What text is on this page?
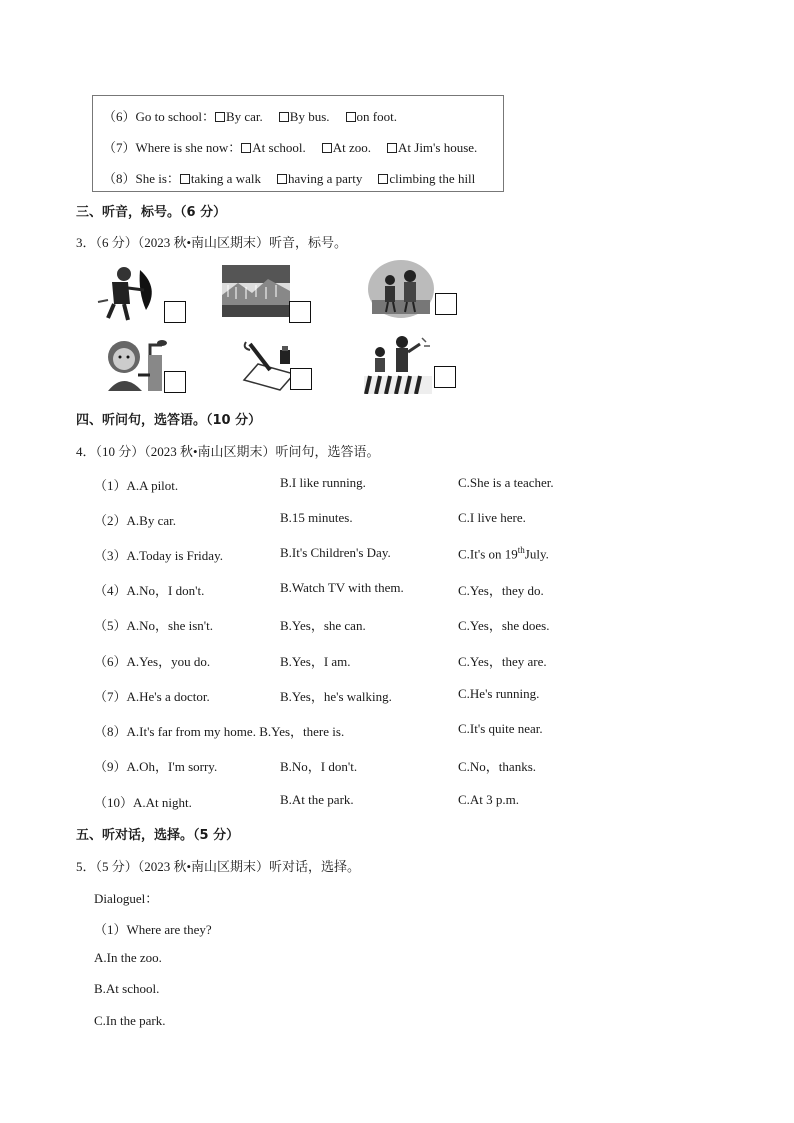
（6）Go to school： By car. By bus. on foot.
（7）Where is she now： At school. At zoo. At Jim's house.
（8）She is： taking a walk having a party climbing the hill
三、听音，标号。（6 分）
3．（6 分）（2023 秋•南山区期末）听音，标号。
四、听问句，选答语。（10 分）
4．（10 分）（2023 秋•南山区期末）听问句，选答语。
（1）A.A pilot.	B.I like running.	C.She is a teacher.
（2）A.By car.	B.15 minutes.	C.I live here.
（3）A.Today is Friday.	B.It's Children's Day.	C.It's on 19thJuly.
（4）A.No，I don't.	B.Watch TV with them.	C.Yes，they do.
（5）A.No，she isn't.	B.Yes，she can.	C.Yes，she does.
（6）A.Yes，you do.	B.Yes，I am.	C.Yes，they are.
（7）A.He's a doctor.	B.Yes，he's walking.	C.He's running.
（8）A.It's far from my home. B.Yes，there is.	C.It's quite near.
（9）A.Oh，I'm sorry.	B.No，I don't.	C.No，thanks.
（10）A.At night.	B.At the park.	C.At 3 p.m.
五、听对话，选择。（5 分）
5．（5 分）（2023 秋•南山区期末）听对话，选择。
Dialoguel：
（1）Where are they?
A.In the zoo.
B.At school.
C.In the park.
